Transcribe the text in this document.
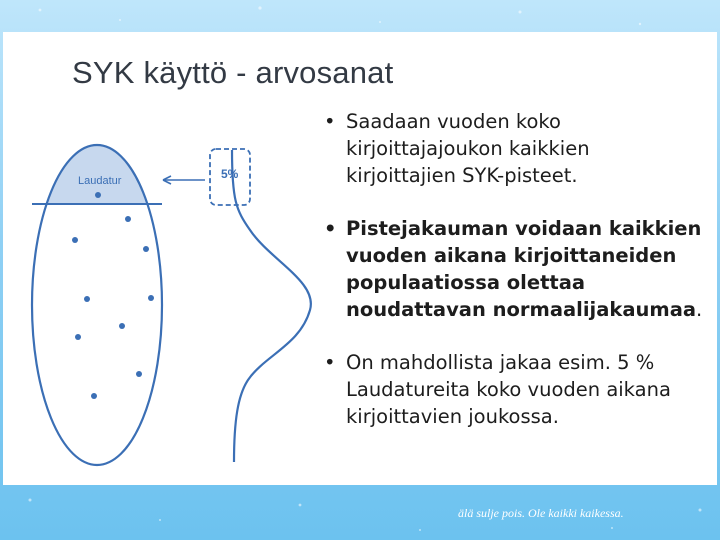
SYK käyttö - arvosanat
Laudatur	5%
• Saadaan vuoden koko kirjoittajajoukon kaikkien kirjoittajien SYK-pisteet.
• Pistejakauman voidaan kaikkien vuoden aikana kirjoittaneiden populaatiossa olettaa noudattavan normaalijakaumaa.
• On mahdollista jakaa esim. 5 % Laudatureita koko vuoden aikana kirjoittavien joukossa.
älä sulje pois. Ole kaikki kaikessa.
